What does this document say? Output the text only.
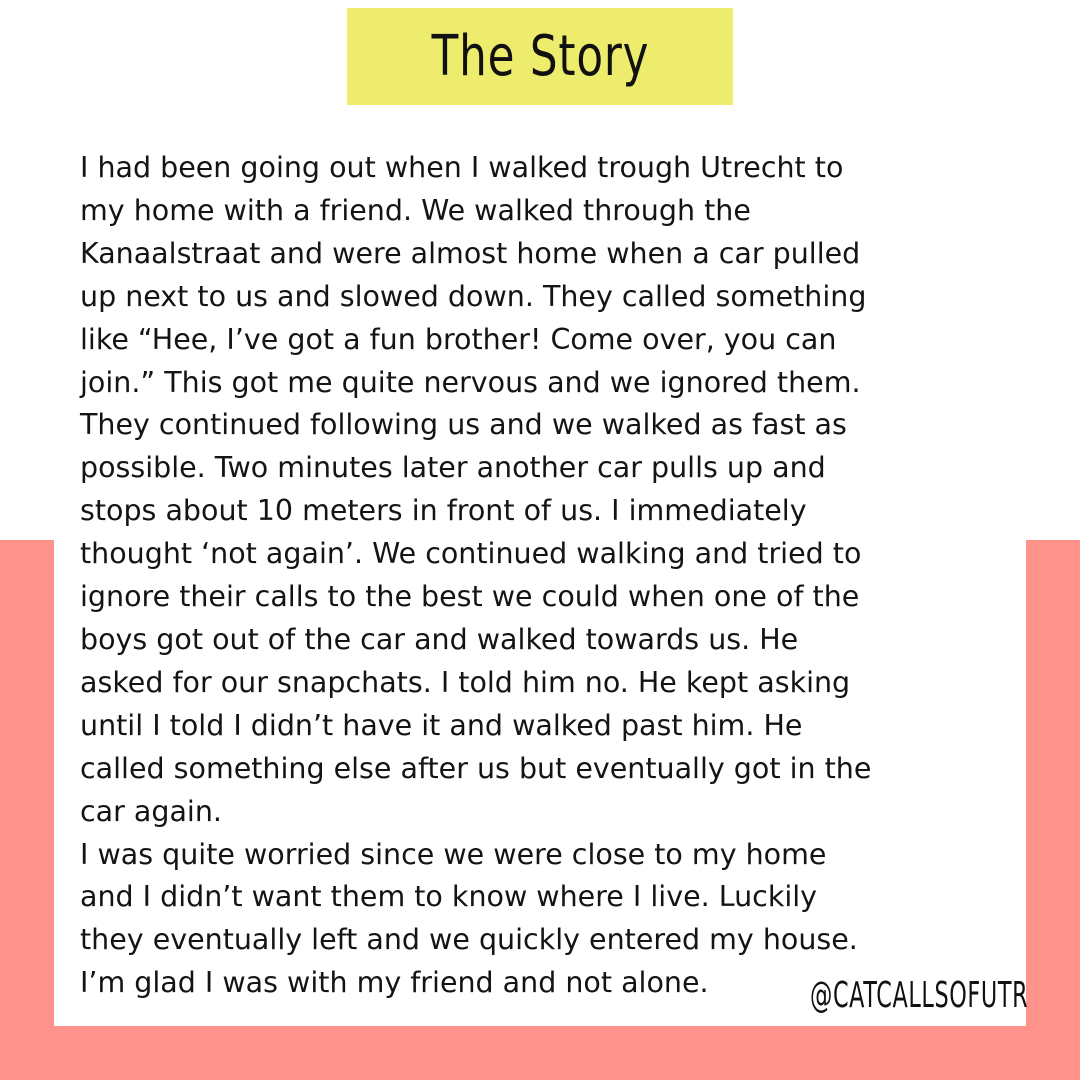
The Story
I had been going out when I walked trough Utrecht to
my home with a friend. We walked through the
Kanaalstraat and were almost home when a car pulled
up next to us and slowed down. They called something
like “Hee, I’ve got a fun brother! Come over, you can
join.” This got me quite nervous and we ignored them.
They continued following us and we walked as fast as
possible. Two minutes later another car pulls up and
stops about 10 meters in front of us. I immediately
thought ‘not again’. We continued walking and tried to
ignore their calls to the best we could when one of the
boys got out of the car and walked towards us. He
asked for our snapchats. I told him no. He kept asking
until I told I didn’t have it and walked past him. He
called something else after us but eventually got in the
car again.
I was quite worried since we were close to my home
and I didn’t want them to know where I live. Luckily
they eventually left and we quickly entered my house.
I’m glad I was with my friend and not alone.	@CATCALLSOFUTR
